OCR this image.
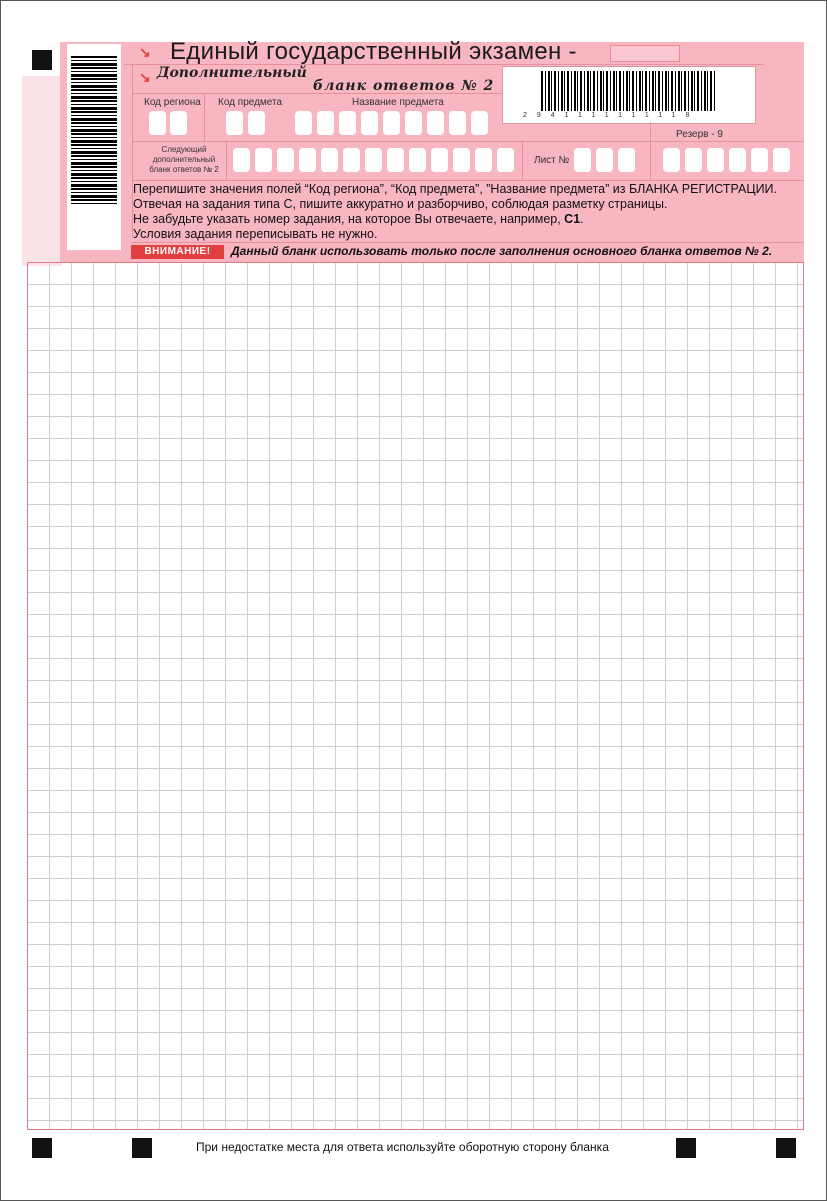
↘ Единый государственный экзамен -
↘ Дополнительный
бланк ответов № 2
2941111111118
Код региона Код предмета	Название предмета
Следующий дополнительный бланк ответов № 2
Лист №
Резерв - 9
Перепишите значения полей “Код региона”, “Код предмета”, ”Название предмета” из БЛАНКА РЕГИСТРАЦИИ.
Отвечая на задания типа С, пишите аккуратно и разборчиво, соблюдая разметку страницы.
Не забудьте указать номер задания, на которое Вы отвечаете, например, С1.
Условия задания переписывать не нужно.
ВНИМАНИЕ!	Данный бланк использовать только после заполнения основного бланка ответов № 2.
При недостатке места для ответа используйте оборотную сторону бланка
